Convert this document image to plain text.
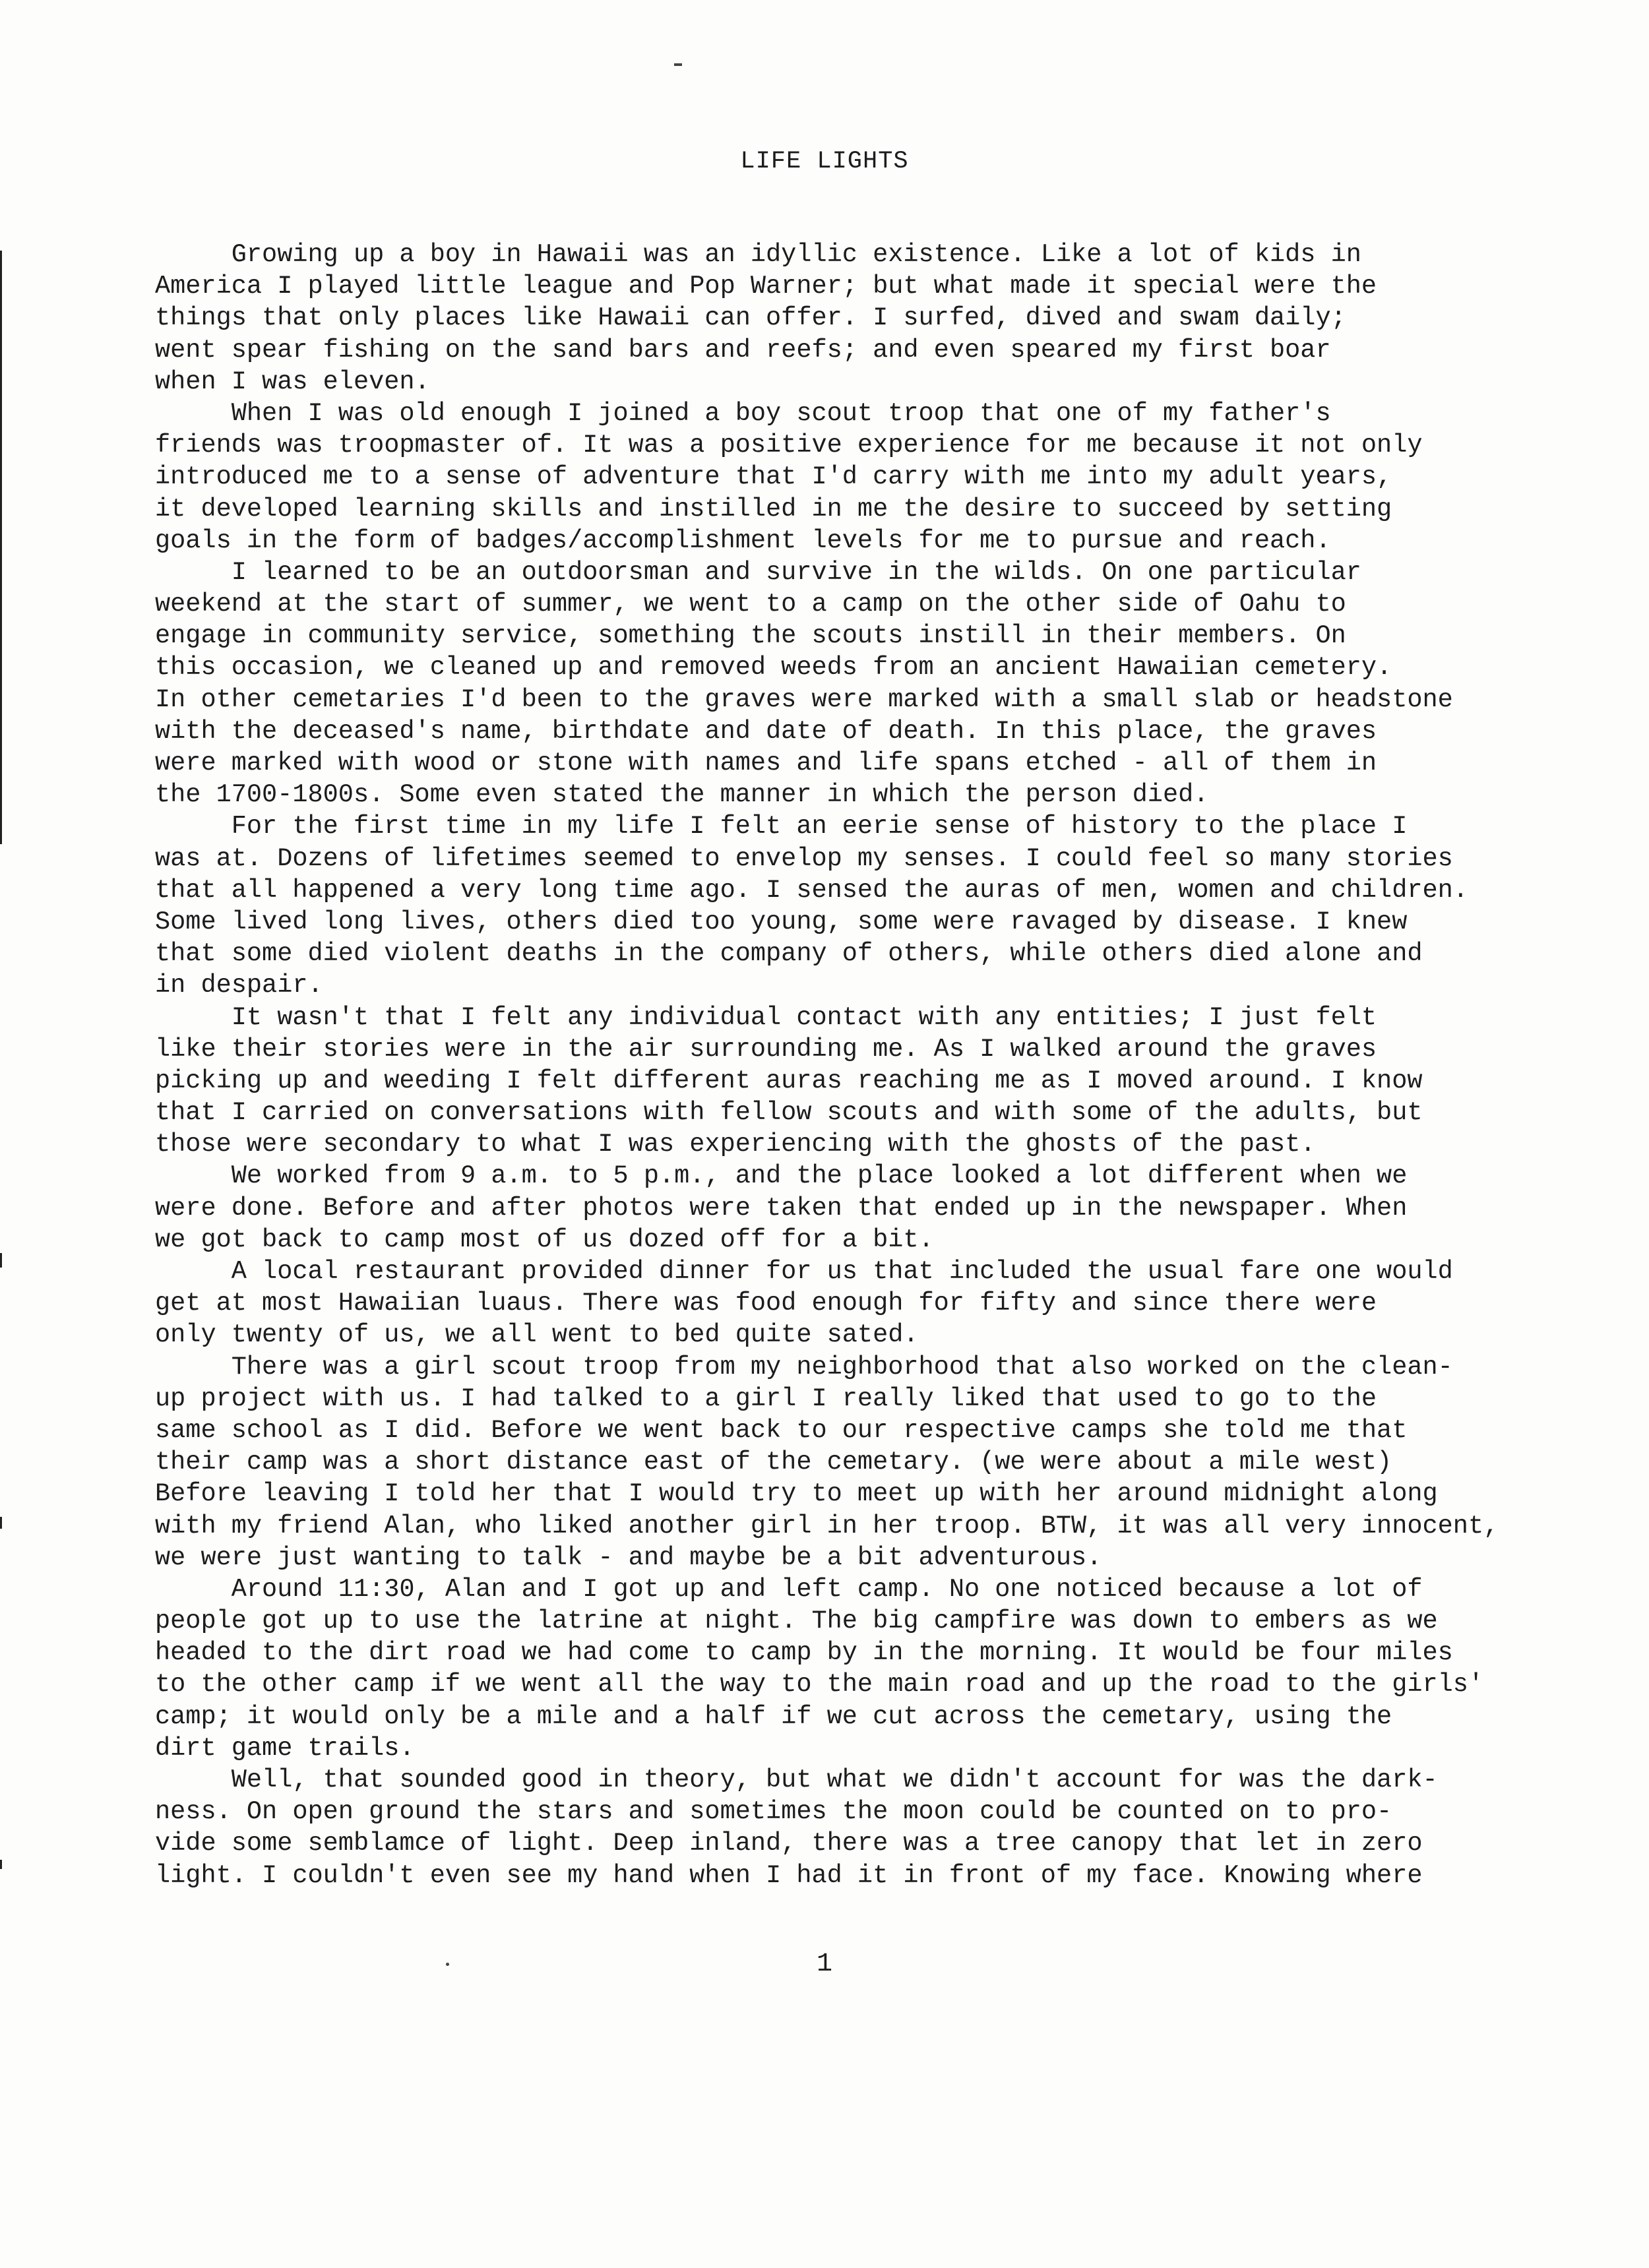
LIFE LIGHTS
Growing up a boy in Hawaii was an idyllic existence. Like a lot of kids in
America I played little league and Pop Warner; but what made it special were the
things that only places like Hawaii can offer. I surfed, dived and swam daily;
went spear fishing on the sand bars and reefs; and even speared my first boar
when I was eleven.
When I was old enough I joined a boy scout troop that one of my father's
friends was troopmaster of. It was a positive experience for me because it not only
introduced me to a sense of adventure that I'd carry with me into my adult years,
it developed learning skills and instilled in me the desire to succeed by setting
goals in the form of badges/accomplishment levels for me to pursue and reach.
I learned to be an outdoorsman and survive in the wilds. On one particular
weekend at the start of summer, we went to a camp on the other side of Oahu to
engage in community service, something the scouts instill in their members. On
this occasion, we cleaned up and removed weeds from an ancient Hawaiian cemetery.
In other cemetaries I'd been to the graves were marked with a small slab or headstone
with the deceased's name, birthdate and date of death. In this place, the graves
were marked with wood or stone with names and life spans etched - all of them in
the 1700-1800s. Some even stated the manner in which the person died.
For the first time in my life I felt an eerie sense of history to the place I
was at. Dozens of lifetimes seemed to envelop my senses. I could feel so many stories
that all happened a very long time ago. I sensed the auras of men, women and children.
Some lived long lives, others died too young, some were ravaged by disease. I knew
that some died violent deaths in the company of others, while others died alone and
in despair.
It wasn't that I felt any individual contact with any entities; I just felt
like their stories were in the air surrounding me. As I walked around the graves
picking up and weeding I felt different auras reaching me as I moved around. I know
that I carried on conversations with fellow scouts and with some of the adults, but
those were secondary to what I was experiencing with the ghosts of the past.
We worked from 9 a.m. to 5 p.m., and the place looked a lot different when we
were done. Before and after photos were taken that ended up in the newspaper. When
we got back to camp most of us dozed off for a bit.
A local restaurant provided dinner for us that included the usual fare one would
get at most Hawaiian luaus. There was food enough for fifty and since there were
only twenty of us, we all went to bed quite sated.
There was a girl scout troop from my neighborhood that also worked on the clean-
up project with us. I had talked to a girl I really liked that used to go to the
same school as I did. Before we went back to our respective camps she told me that
their camp was a short distance east of the cemetary. (we were about a mile west)
Before leaving I told her that I would try to meet up with her around midnight along
with my friend Alan, who liked another girl in her troop. BTW, it was all very innocent,
we were just wanting to talk - and maybe be a bit adventurous.
Around 11:30, Alan and I got up and left camp. No one noticed because a lot of
people got up to use the latrine at night. The big campfire was down to embers as we
headed to the dirt road we had come to camp by in the morning. It would be four miles
to the other camp if we went all the way to the main road and up the road to the girls'
camp; it would only be a mile and a half if we cut across the cemetary, using the
dirt game trails.
Well, that sounded good in theory, but what we didn't account for was the dark-
ness. On open ground the stars and sometimes the moon could be counted on to pro-
vide some semblamce of light. Deep inland, there was a tree canopy that let in zero
light. I couldn't even see my hand when I had it in front of my face. Knowing where
1
